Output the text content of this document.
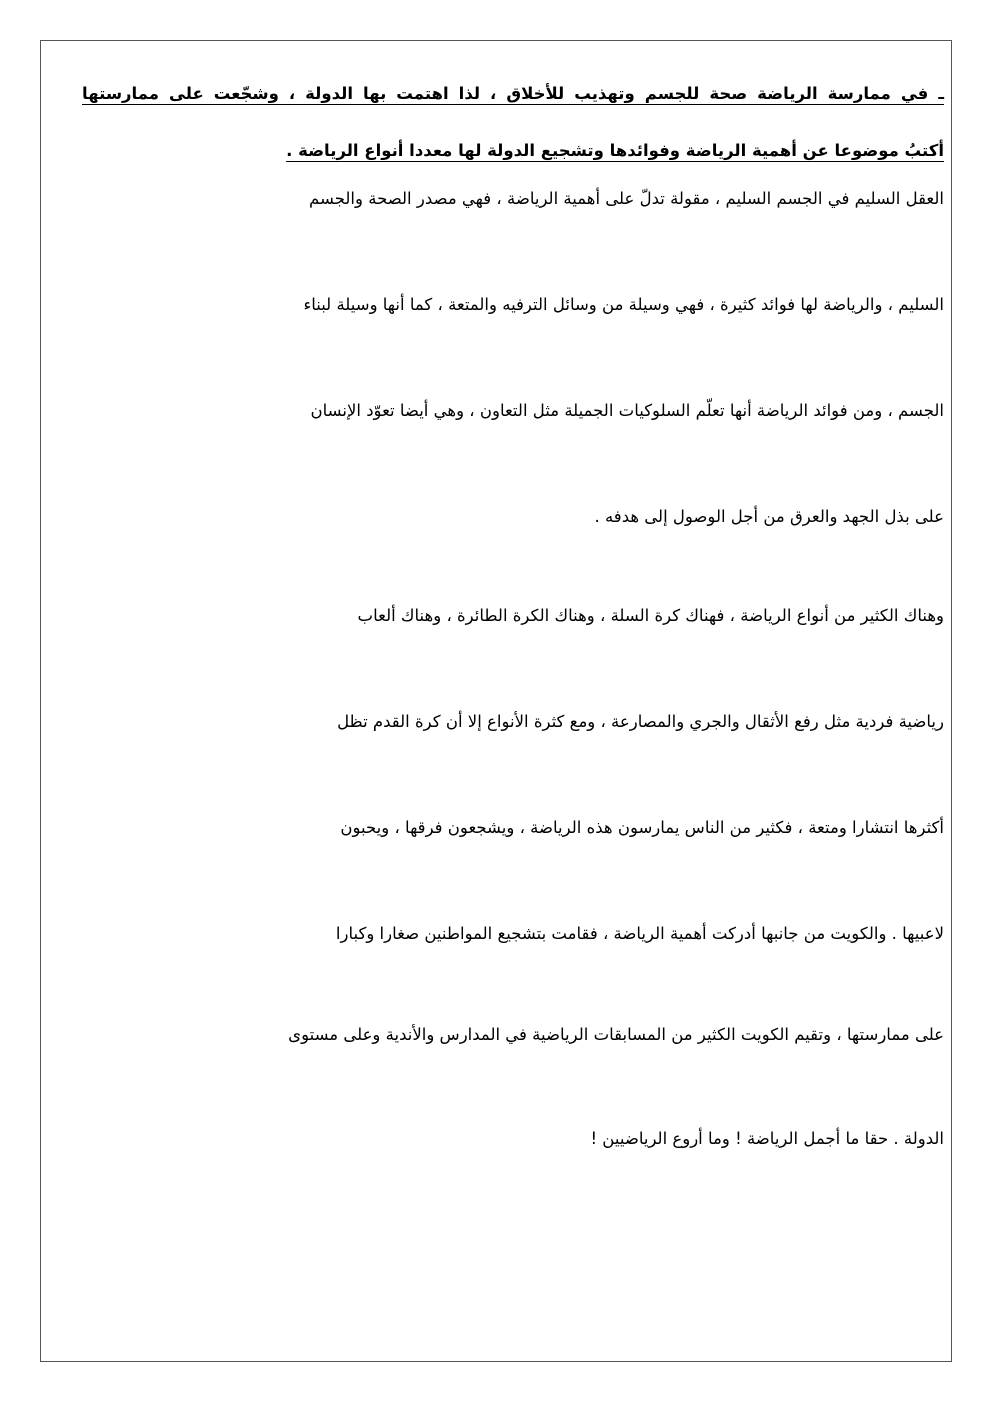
ـ في ممارسة الرياضة صحة للجسم وتهذيب للأخلاق ، لذا اهتمت بها الدولة ، وشجّعت على ممارستها
أكتبُ موضوعا عن أهمية الرياضة وفوائدها وتشجيع الدولة لها معددا أنواع الرياضة .
العقل السليم في الجسم السليم ، مقولة تدلّ على أهمية الرياضة ، فهي مصدر الصحة والجسم
السليم ، والرياضة لها فوائد كثيرة ، فهي وسيلة من وسائل الترفيه والمتعة ، كما أنها وسيلة لبناء
الجسم ، ومن فوائد الرياضة أنها تعلّم السلوكيات الجميلة مثل التعاون ، وهي أيضا تعوّد الإنسان
على بذل الجهد والعرق من أجل الوصول إلى هدفه .
وهناك الكثير من أنواع الرياضة ، فهناك كرة السلة ، وهناك الكرة الطائرة ، وهناك ألعاب
رياضية فردية مثل رفع الأثقال والجري والمصارعة ، ومع كثرة الأنواع إلا أن كرة القدم تظل
أكثرها انتشارا ومتعة ، فكثير من الناس يمارسون هذه الرياضة ، ويشجعون فرقها ، ويحبون
لاعبيها . والكويت من جانبها أدركت أهمية الرياضة ، فقامت بتشجيع المواطنين صغارا وكبارا
على ممارستها ، وتقيم الكويت الكثير من المسابقات الرياضية في المدارس والأندية وعلى مستوى
الدولة . حقا ما أجمل الرياضة ! وما أروع الرياضيين !
